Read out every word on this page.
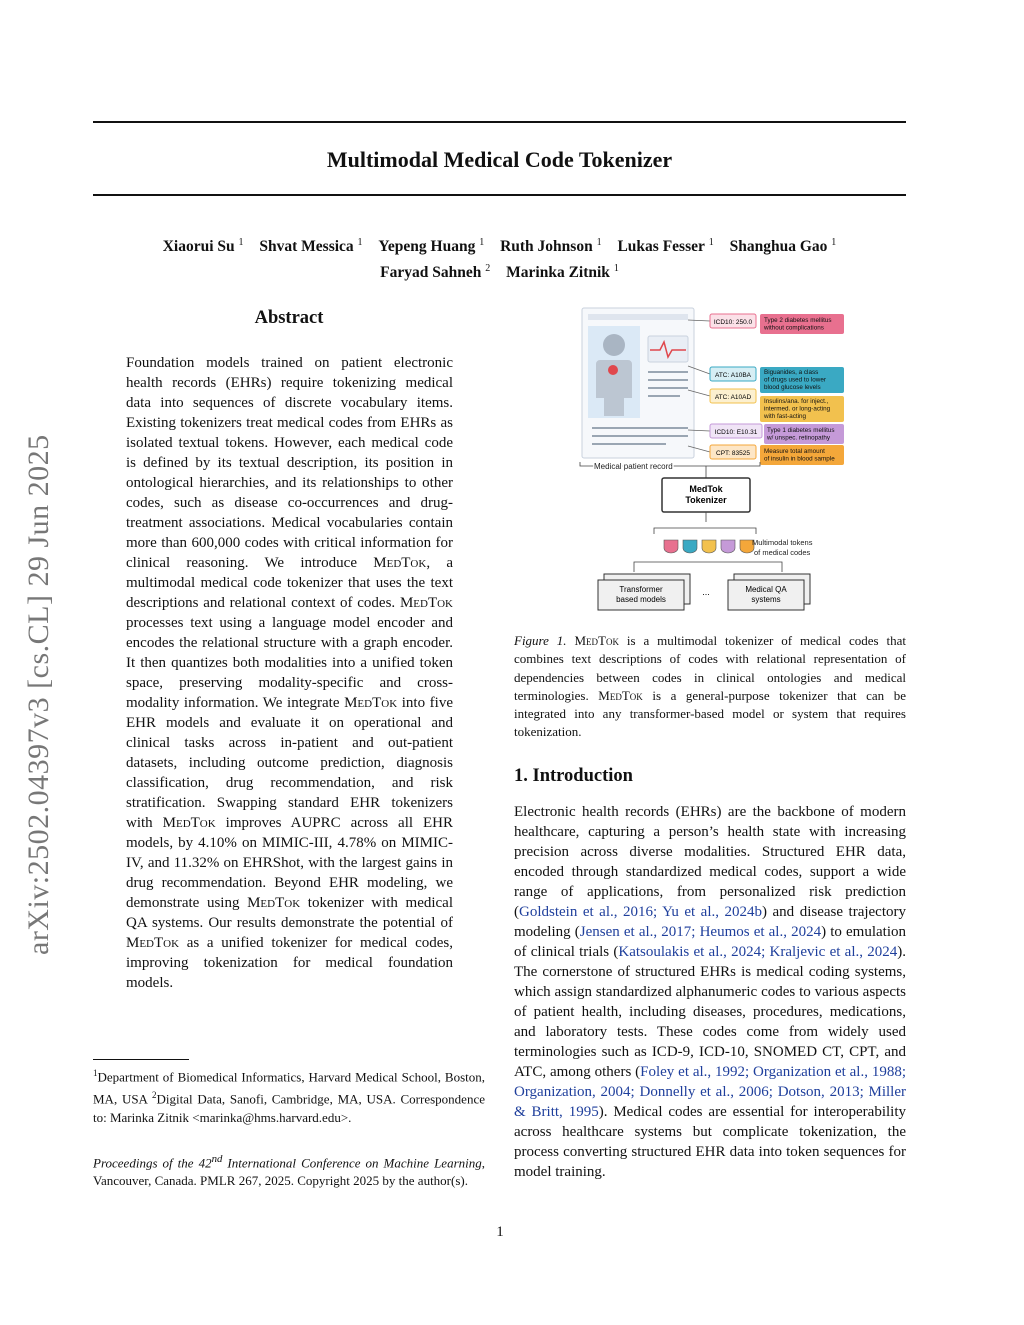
arXiv:2502.04397v3 [cs.CL] 29 Jun 2025
Multimodal Medical Code Tokenizer
Xiaorui Su $^1$ Shvat Messica $^1$ Yepeng Huang $^1$ Ruth Johnson $^1$ Lukas Fesser $^1$ Shanghua Gao $^1$
Faryad Sahneh $^2$ Marinka Zitnik $^1$
Abstract
Foundation models trained on patient electronic health records (EHRs) require tokenizing medical data into sequences of discrete vocabulary items. Existing tokenizers treat medical codes from EHRs as isolated textual tokens. However, each medical code is defined by its textual description, its position in ontological hierarchies, and its relationships to other codes, such as disease co-occurrences and drug-treatment associations. Medical vocabularies contain more than 600,000 codes with critical information for clinical reasoning. We introduce MedTok, a multimodal medical code tokenizer that uses the text descriptions and relational context of codes. MedTok processes text using a language model encoder and encodes the relational structure with a graph encoder. It then quantizes both modalities into a unified token space, preserving modality-specific and cross-modality information. We integrate MedTok into five EHR models and evaluate it on operational and clinical tasks across in-patient and out-patient datasets, including outcome prediction, diagnosis classification, drug recommendation, and risk stratification. Swapping standard EHR tokenizers with MedTok improves AUPRC across all EHR models, by 4.10% on MIMIC-III, 4.78% on MIMIC-IV, and 11.32% on EHRShot, with the largest gains in drug recommendation. Beyond EHR modeling, we demonstrate using MedTok tokenizer with medical QA systems. Our results demonstrate the potential of MedTok as a unified tokenizer for medical codes, improving tokenization for medical foundation models.
$^1$Department of Biomedical Informatics, Harvard Medical School, Boston, MA, USA $^2$Digital Data, Sanofi, Cambridge, MA, USA. Correspondence to: Marinka Zitnik <marinka@hms.harvard.edu>.
Proceedings of the 42nd International Conference on Machine Learning, Vancouver, Canada. PMLR 267, 2025. Copyright 2025 by the author(s).
ICD10: 250.0 Type 2 diabetes mellitus without complications
ATC: A10BA Biguanides, a class of drugs used to lower blood glucose levels
ATC: A10AD
Insulins/ana. for inject., intermed. or long-acting with fast-acting
ICD10: E10.31 Type 1 diabetes mellitus w/ unspec. retinopathy
CPT: 83525 Measure total amount of insulin in blood sample
Medical patient record
MedTok Tokenizer
Multimodal tokens of medical codes
Transformer based models
...	Medical QA systems
Figure 1. MedTok is a multimodal tokenizer of medical codes that combines text descriptions of codes with relational representation of dependencies between codes in clinical ontologies and medical terminologies. MedTok is a general-purpose tokenizer that can be integrated into any transformer-based model or system that requires tokenization.
1. Introduction
Electronic health records (EHRs) are the backbone of modern healthcare, capturing a person’s health state with increasing precision across diverse modalities. Structured EHR data, encoded through standardized medical codes, support a wide range of applications, from personalized risk prediction (Goldstein et al., 2016; Yu et al., 2024b) and disease trajectory modeling (Jensen et al., 2017; Heumos et al., 2024) to emulation of clinical trials (Katsoulakis et al., 2024; Kraljevic et al., 2024). The cornerstone of structured EHRs is medical coding systems, which assign standardized alphanumeric codes to various aspects of patient health, including diseases, procedures, medications, and laboratory tests. These codes come from widely used terminologies such as ICD-9, ICD-10, SNOMED CT, CPT, and ATC, among others (Foley et al., 1992; Organization et al., 1988; Organization, 2004; Donnelly et al., 2006; Dotson, 2013; Miller & Britt, 1995). Medical codes are essential for interoperability across healthcare systems but complicate tokenization, the process converting structured EHR data into token sequences for model training.
1
